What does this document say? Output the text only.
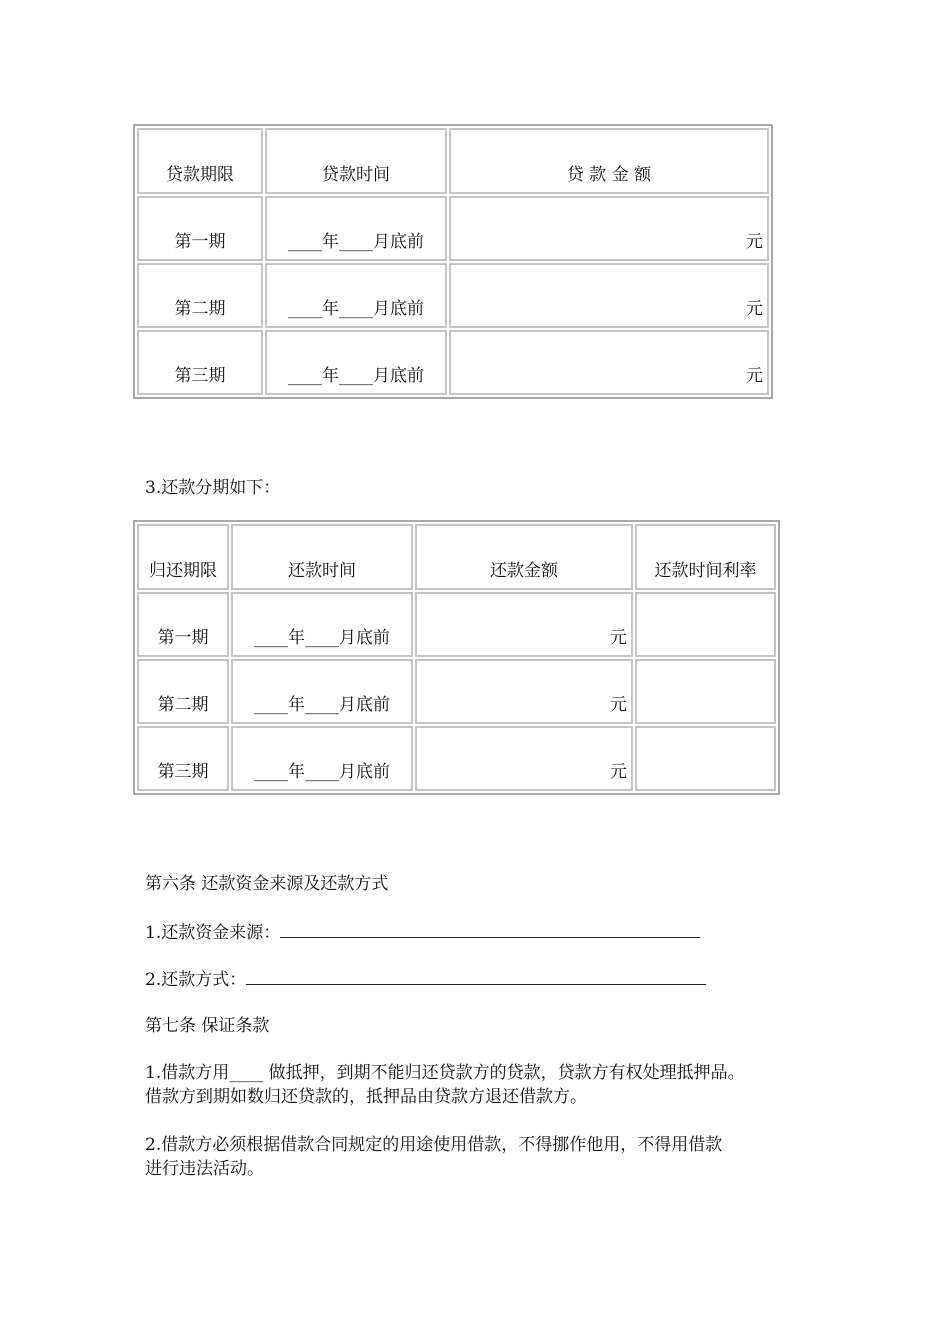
贷款期限	贷款时间	贷 款 金 额

第一期	____年____月底前	元

第二期	____年____月底前	元

第三期	____年____月底前	元

3.还款分期如下：

归还期限	还款时间	还款金额	还款时间利率

第一期	____年____月底前	元	

第二期	____年____月底前	元	

第三期	____年____月底前	元	

第六条 还款资金来源及还款方式

1.还款资金来源：

2.还款方式：

第七条 保证条款

1.借款方用____ 做抵押，到期不能归还贷款方的贷款，贷款方有权处理抵押品。

借款方到期如数归还贷款的，抵押品由贷款方退还借款方。

2.借款方必须根据借款合同规定的用途使用借款，不得挪作他用，不得用借款

进行违法活动。
